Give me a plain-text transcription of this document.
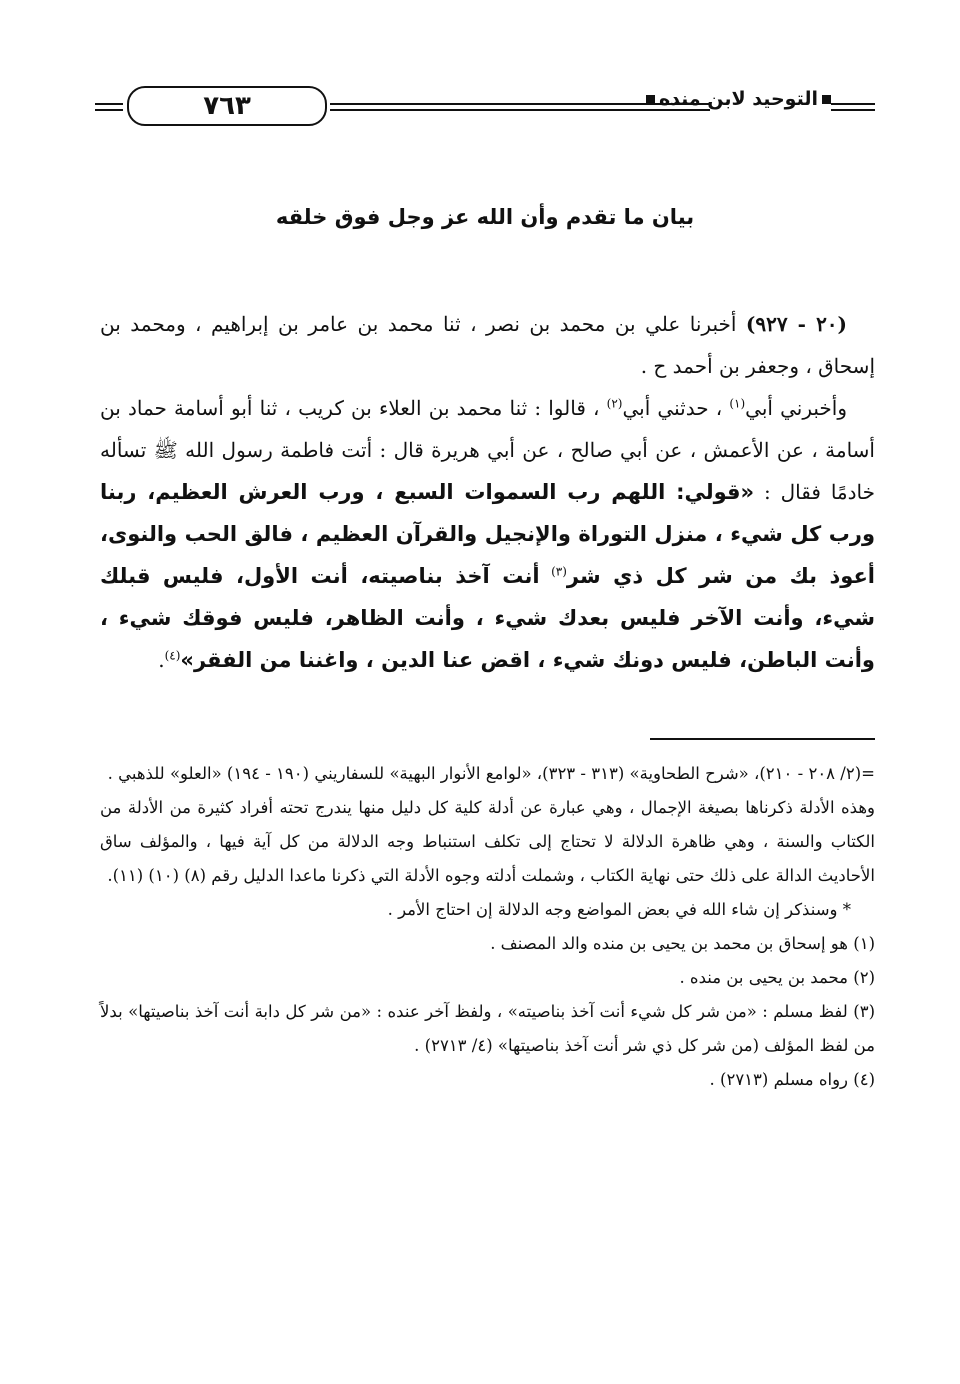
٧٦٣	التوحيد لابن منده
بيان ما تقدم وأن الله عز وجل فوق خلقه

(٢٠ - ٩٢٧) أخبرنا علي بن محمد بن نصر ، ثنا محمد بن عامر بن إبراهيم ، ومحمد بن إسحاق ، وجعفر بن أحمد ح .

وأخبرني أبي$^{(١)}$ ، حدثني أبي$^{(٢)}$ ، قالوا : ثنا محمد بن العلاء بن كريب ، ثنا أبو أسامة حماد بن أسامة ، عن الأعمش ، عن أبي صالح ، عن أبي هريرة قال : أتت فاطمة رسول الله ﷺ تسأله خادمًا فقال : «قولي: اللهم رب السموات السبع ، ورب العرش العظيم، ربنا ورب كل شيء ، منزل التوراة والإنجيل والقرآن العظيم ، فالق الحب والنوى، أعوذ بك من شر كل ذي شر$^{(٣)}$ أنت آخذ بناصيته، أنت الأول، فليس قبلك شيء، وأنت الآخر فليس بعدك شيء ، وأنت الظاهر، فليس فوقك شيء ، وأنت الباطن، فليس دونك شيء ، اقض عنا الدين ، واغننا من الفقر»$^{(٤)}$.

=(٢/ ٢٠٨ - ٢١٠)، «شرح الطحاوية» (٣١٣ - ٣٢٣)، «لوامع الأنوار البهية» للسفاريني (١٩٠ - ١٩٤) «العلو» للذهبي .

وهذه الأدلة ذكرناها بصيغة الإجمال ، وهي عبارة عن أدلة كلية كل دليل منها يندرج تحته أفراد كثيرة من الأدلة من الكتاب والسنة ، وهي ظاهرة الدلالة لا تحتاج إلى تكلف استنباط وجه الدلالة من كل آية فيها ، والمؤلف ساق الأحاديث الدالة على ذلك حتى نهاية الكتاب ، وشملت أدلته وجوه الأدلة التي ذكرنا ماعدا الدليل رقم (٨) (١٠) (١١).

* وسنذكر إن شاء الله في بعض المواضع وجه الدلالة إن احتاج الأمر .

(١) هو إسحاق بن محمد بن يحيى بن منده والد المصنف .

(٢) محمد بن يحيى بن منده .

(٣) لفظ مسلم : «من شر كل شيء أنت آخذ بناصيته» ، ولفظ آخر عنده : «من شر كل دابة أنت آخذ بناصيتها» بدلاً من لفظ المؤلف (من شر كل ذي شر أنت آخذ بناصيتها» (٤/ ٢٧١٣) .

(٤) رواه مسلم (٢٧١٣) .
